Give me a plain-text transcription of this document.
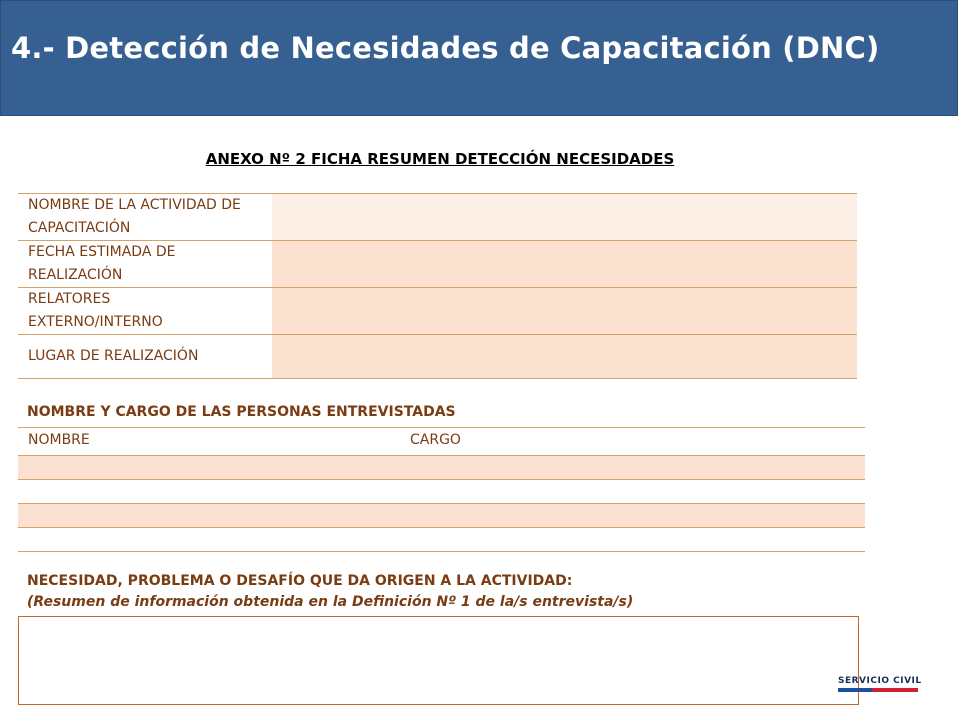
4.- Detección de Necesidades de Capacitación (DNC)
ANEXO Nº 2 FICHA RESUMEN DETECCIÓN NECESIDADES
NOMBRE DE LA ACTIVIDAD DE
CAPACITACIÓN	

FECHA ESTIMADA DE
REALIZACIÓN	

RELATORES
EXTERNO/INTERNO	

LUGAR DE REALIZACIÓN	

NOMBRE Y CARGO DE LAS PERSONAS ENTREVISTADAS
NOMBRE	CARGO
NECESIDAD, PROBLEMA O DESAFÍO QUE DA ORIGEN A LA ACTIVIDAD:
(Resumen de información obtenida en la Definición Nº 1 de la/s entrevista/s)
SERVICIO CIVIL
